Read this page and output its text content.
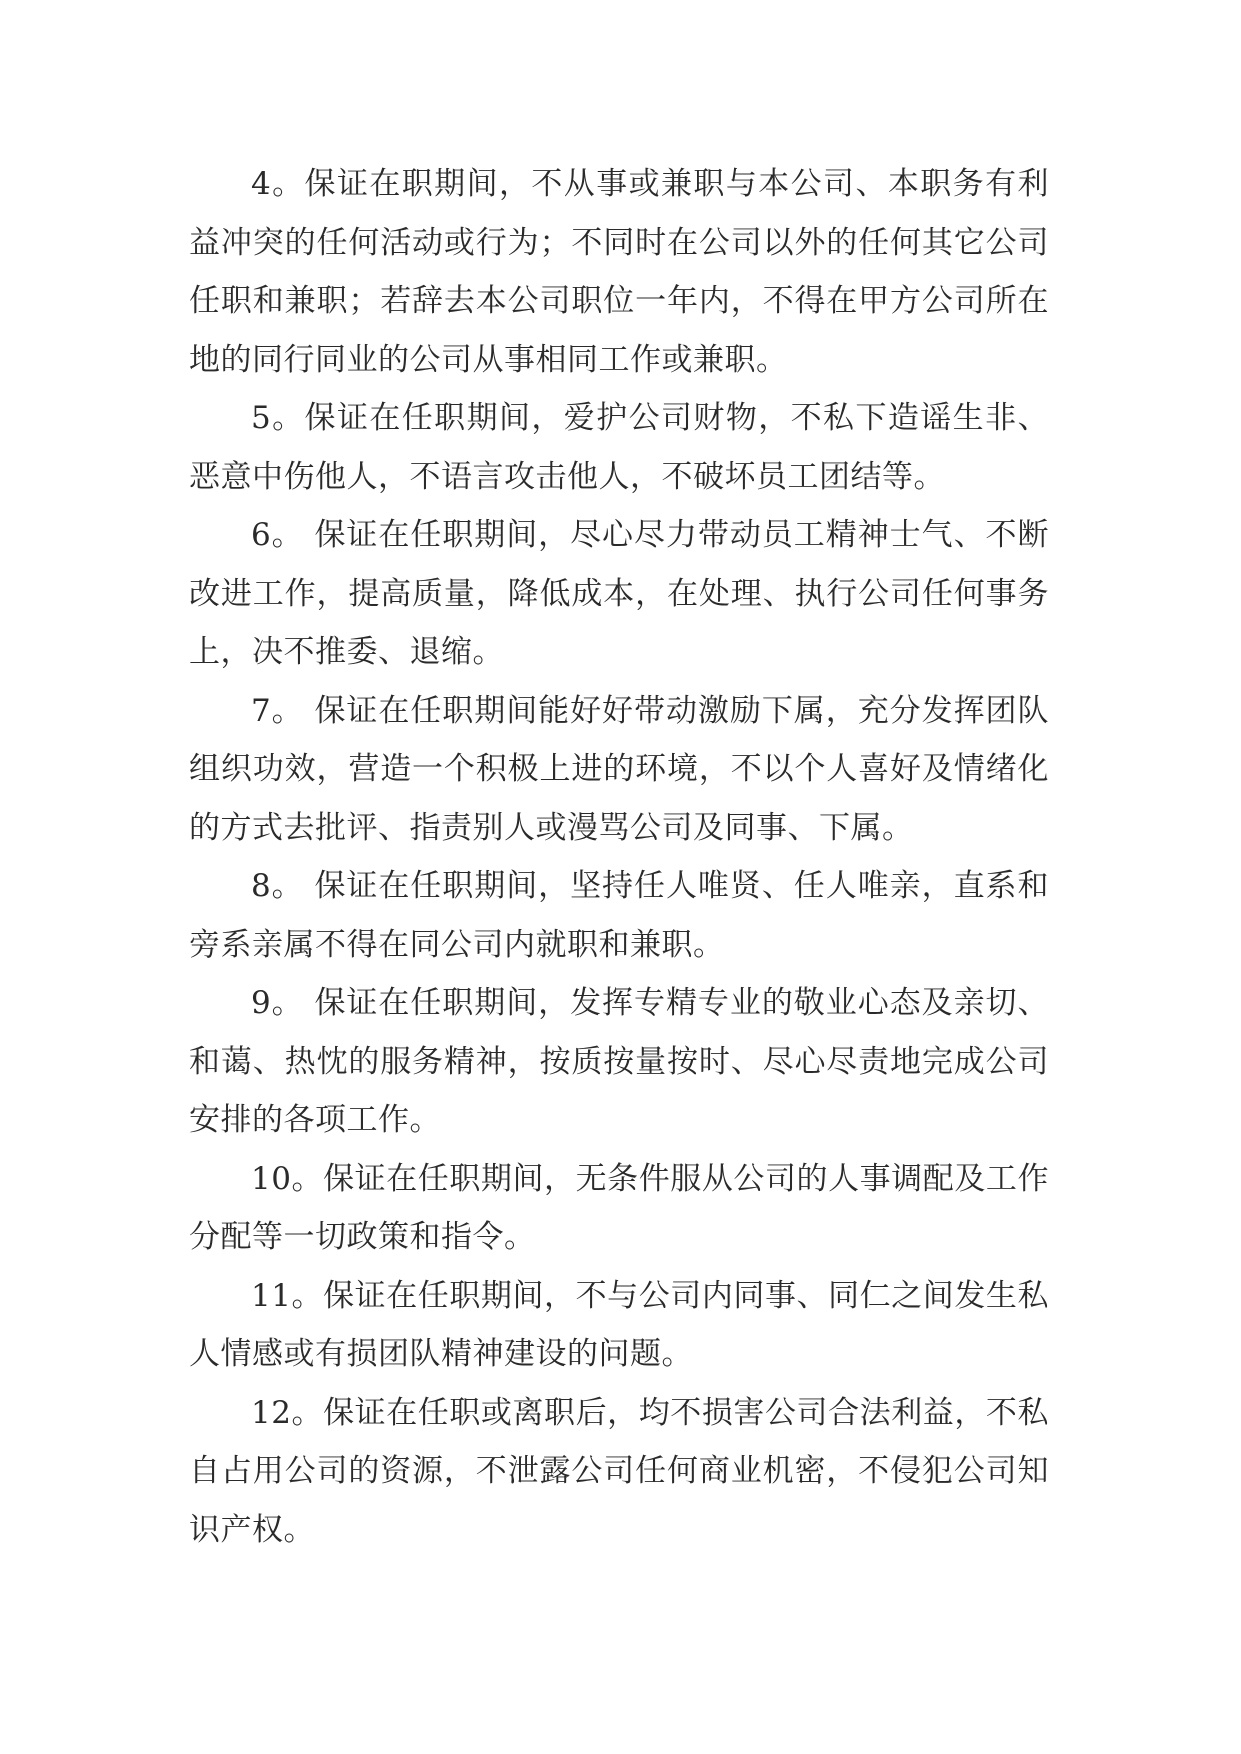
4。保证在职期间，不从事或兼职与本公司、本职务有利益冲突的任何活动或行为；不同时在公司以外的任何其它公司任职和兼职；若辞去本公司职位一年内，不得在甲方公司所在地的同行同业的公司从事相同工作或兼职。

5。保证在任职期间，爱护公司财物，不私下造谣生非、恶意中伤他人，不语言攻击他人，不破坏员工团结等。

6。 保证在任职期间，尽心尽力带动员工精神士气、不断改进工作，提高质量，降低成本，在处理、执行公司任何事务上，决不推委、退缩。

7。 保证在任职期间能好好带动激励下属，充分发挥团队组织功效，营造一个积极上进的环境，不以个人喜好及情绪化的方式去批评、指责别人或漫骂公司及同事、下属。

8。 保证在任职期间，坚持任人唯贤、任人唯亲，直系和旁系亲属不得在同公司内就职和兼职。

9。 保证在任职期间，发挥专精专业的敬业心态及亲切、和蔼、热忱的服务精神，按质按量按时、尽心尽责地完成公司安排的各项工作。

10。保证在任职期间，无条件服从公司的人事调配及工作分配等一切政策和指令。

11。保证在任职期间，不与公司内同事、同仁之间发生私人情感或有损团队精神建设的问题。

12。保证在任职或离职后，均不损害公司合法利益，不私自占用公司的资源，不泄露公司任何商业机密，不侵犯公司知识产权。
